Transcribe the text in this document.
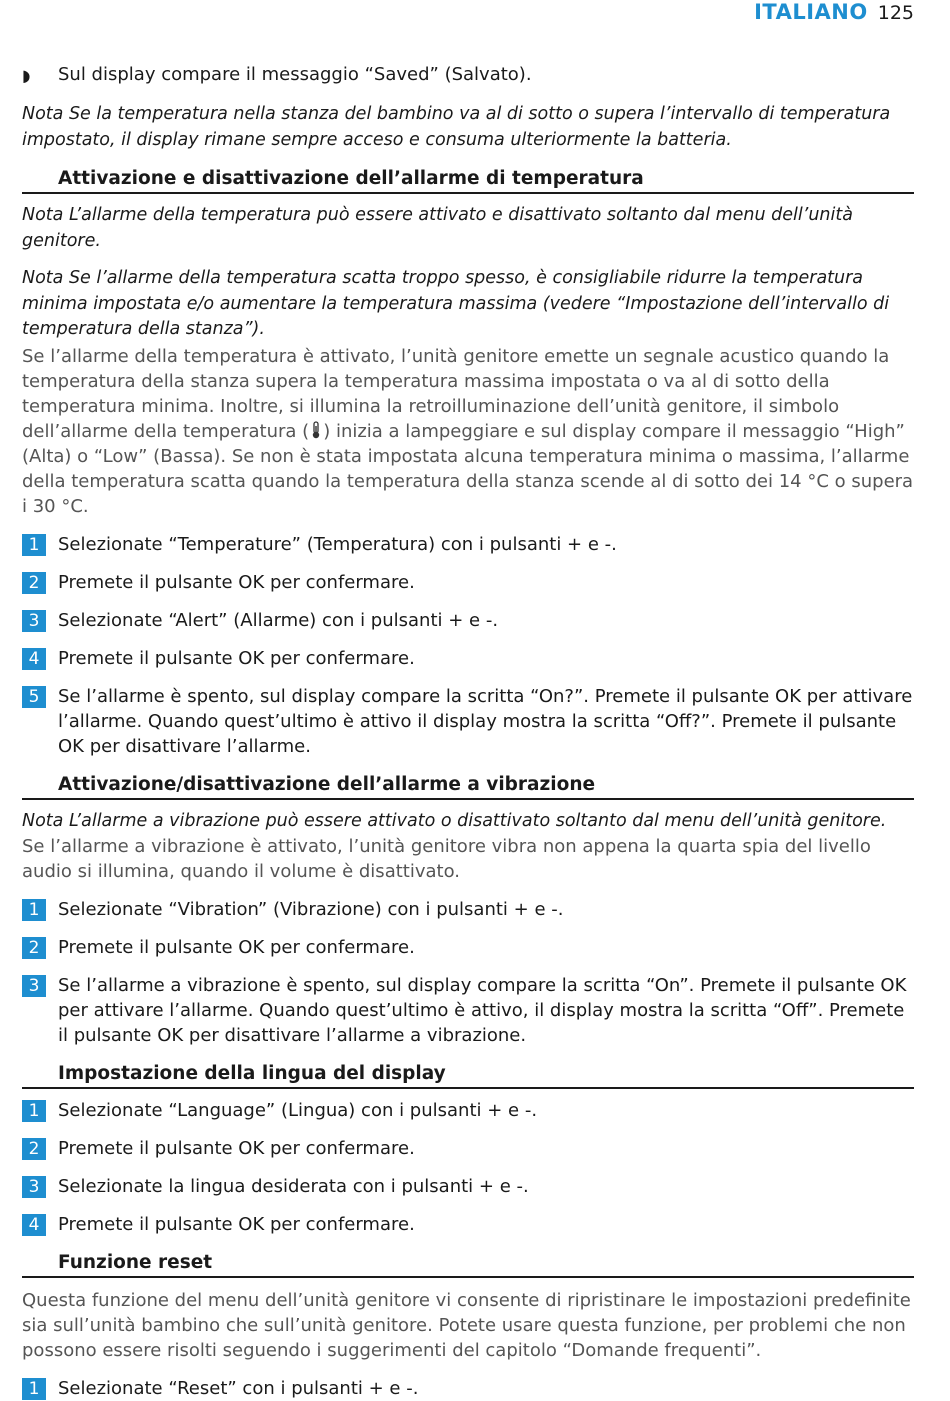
ITALIANO 125
◗	Sul display compare il messaggio “Saved” (Salvato).

Nota Se la temperatura nella stanza del bambino va al di sotto o supera l’intervallo di temperatura impostato, il display rimane sempre acceso e consuma ulteriormente la batteria.

Attivazione e disattivazione dell’allarme di temperatura

Nota L’allarme della temperatura può essere attivato e disattivato soltanto dal menu dell’unità genitore.

Nota Se l’allarme della temperatura scatta troppo spesso, è consigliabile ridurre la temperatura minima impostata e/o aumentare la temperatura massima (vedere “Impostazione dell’intervallo di temperatura della stanza”).

Se l’allarme della temperatura è attivato, l’unità genitore emette un segnale acustico quando la temperatura della stanza supera la temperatura massima impostata o va al di sotto della temperatura minima. Inoltre, si illumina la retroilluminazione dell’unità genitore, il simbolo dell’allarme della temperatura ( ) inizia a lampeggiare e sul display compare il messaggio “High” (Alta) o “Low” (Bassa). Se non è stata impostata alcuna temperatura minima o massima, l’allarme della temperatura scatta quando la temperatura della stanza scende al di sotto dei 14 °C o supera i 30 °C.
1	Selezionate “Temperature” (Temperatura) con i pulsanti + e -.
2	Premete il pulsante OK per confermare.
3	Selezionate “Alert” (Allarme) con i pulsanti + e -.
4	Premete il pulsante OK per confermare.
5	Se l’allarme è spento, sul display compare la scritta “On?”. Premete il pulsante OK per attivare l’allarme. Quando quest’ultimo è attivo il display mostra la scritta “Off?”. Premete il pulsante OK per disattivare l’allarme.
Attivazione/disattivazione dell’allarme a vibrazione

Nota L’allarme a vibrazione può essere attivato o disattivato soltanto dal menu dell’unità genitore.

Se l’allarme a vibrazione è attivato, l’unità genitore vibra non appena la quarta spia del livello audio si illumina, quando il volume è disattivato.
1	Selezionate “Vibration” (Vibrazione) con i pulsanti + e -.
2	Premete il pulsante OK per confermare.
3	Se l’allarme a vibrazione è spento, sul display compare la scritta “On”. Premete il pulsante OK per attivare l’allarme. Quando quest’ultimo è attivo, il display mostra la scritta “Off”. Premete il pulsante OK per disattivare l’allarme a vibrazione.
Impostazione della lingua del display
1	Selezionate “Language” (Lingua) con i pulsanti + e -.
2	Premete il pulsante OK per confermare.
3	Selezionate la lingua desiderata con i pulsanti + e -.
4	Premete il pulsante OK per confermare.
Funzione reset
Questa funzione del menu dell’unità genitore vi consente di ripristinare le impostazioni predefinite sia sull’unità bambino che sull’unità genitore. Potete usare questa funzione, per problemi che non possono essere risolti seguendo i suggerimenti del capitolo “Domande frequenti”.
1	Selezionate “Reset” con i pulsanti + e -.
